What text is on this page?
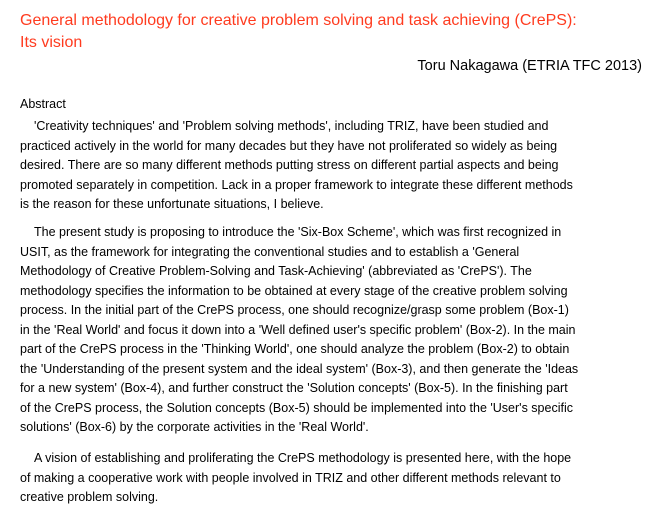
General methodology for creative problem solving and task achieving (CrePS):
Its vision
Toru Nakagawa (ETRIA TFC 2013)
Abstract
'Creativity techniques' and 'Problem solving methods', including TRIZ, have been studied and
practiced actively in the world for many decades but they have not proliferated so widely as being
desired. There are so many different methods putting stress on different partial aspects and being
promoted separately in competition. Lack in a proper framework to integrate these different methods
is the reason for these unfortunate situations, I believe.
The present study is proposing to introduce the 'Six-Box Scheme', which was first recognized in
USIT, as the framework for integrating the conventional studies and to establish a 'General
Methodology of Creative Problem-Solving and Task-Achieving' (abbreviated as 'CrePS'). The
methodology specifies the information to be obtained at every stage of the creative problem solving
process. In the initial part of the CrePS process, one should recognize/grasp some problem (Box-1)
in the 'Real World' and focus it down into a 'Well defined user's specific problem' (Box-2). In the main
part of the CrePS process in the 'Thinking World', one should analyze the problem (Box-2) to obtain
the 'Understanding of the present system and the ideal system' (Box-3), and then generate the 'Ideas
for a new system' (Box-4), and further construct the 'Solution concepts' (Box-5). In the finishing part
of the CrePS process, the Solution concepts (Box-5) should be implemented into the 'User's specific
solutions' (Box-6) by the corporate activities in the 'Real World'.
A vision of establishing and proliferating the CrePS methodology is presented here, with the hope
of making a cooperative work with people involved in TRIZ and other different methods relevant to
creative problem solving.
